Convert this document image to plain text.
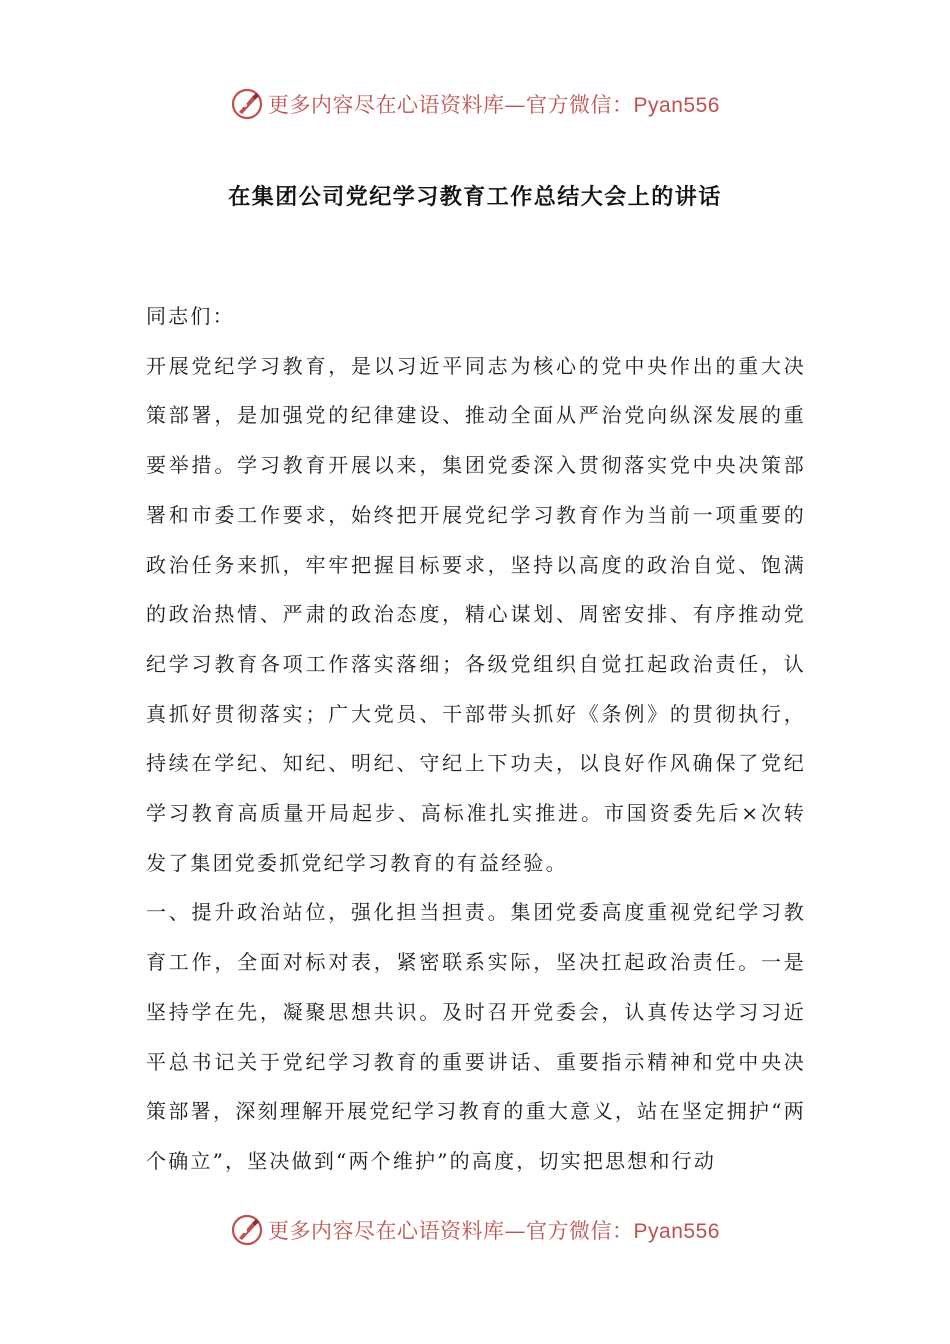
更多内容尽在心语资料库—官方微信：Pyan556
在集团公司党纪学习教育工作总结大会上的讲话

同志们：

开展党纪学习教育，是以习近平同志为核心的党中央作出的重大决策部署，是加强党的纪律建设、推动全面从严治党向纵深发展的重要举措。学习教育开展以来，集团党委深入贯彻落实党中央决策部署和市委工作要求，始终把开展党纪学习教育作为当前一项重要的政治任务来抓，牢牢把握目标要求，坚持以高度的政治自觉、饱满的政治热情、严肃的政治态度，精心谋划、周密安排、有序推动党纪学习教育各项工作落实落细；各级党组织自觉扛起政治责任，认真抓好贯彻落实；广大党员、干部带头抓好《条例》的贯彻执行，持续在学纪、知纪、明纪、守纪上下功夫，以良好作风确保了党纪学习教育高质量开局起步、高标准扎实推进。市国资委先后×次转发了集团党委抓党纪学习教育的有益经验。

一、提升政治站位，强化担当担责。集团党委高度重视党纪学习教育工作，全面对标对表，紧密联系实际，坚决扛起政治责任。一是坚持学在先，凝聚思想共识。及时召开党委会，认真传达学习习近平总书记关于党纪学习教育的重要讲话、重要指示精神和党中央决策部署，深刻理解开展党纪学习教育的重大意义，站在坚定拥护“两个确立”，坚决做到“两个维护”的高度，切实把思想和行动

更多内容尽在心语资料库—官方微信：Pyan556
